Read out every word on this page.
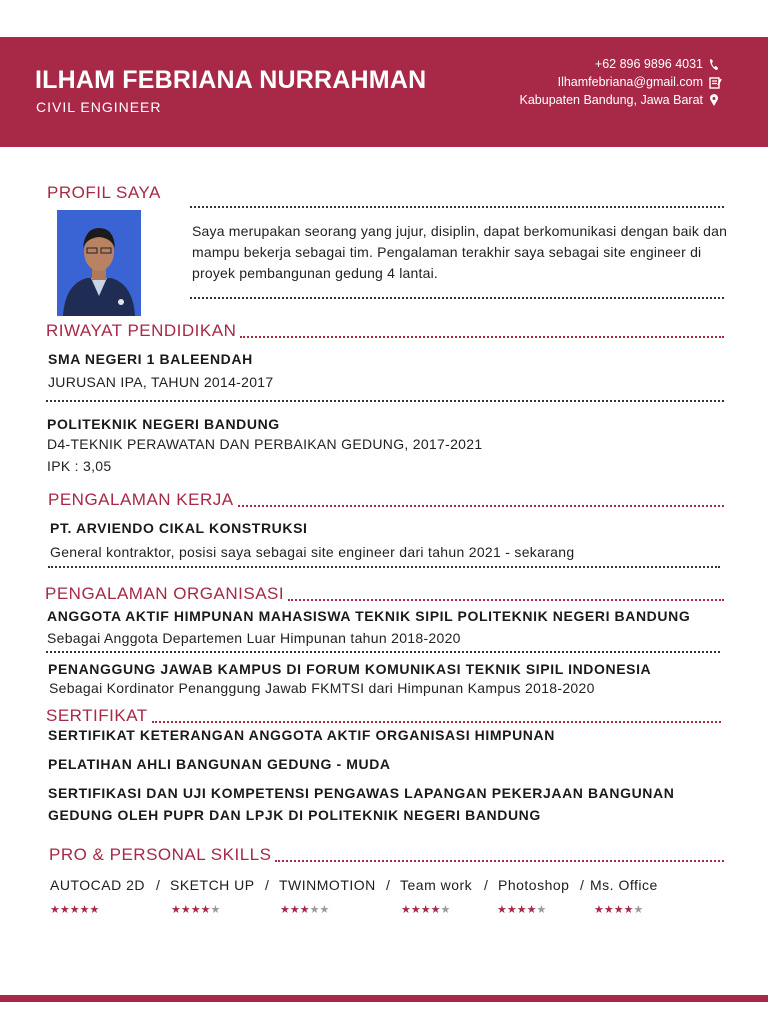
ILHAM FEBRIANA NURRAHMAN
CIVIL ENGINEER
+62 896 9896 4031
Ilhamfebriana@gmail.com
Kabupaten Bandung, Jawa Barat
PROFIL SAYA
Saya merupakan seorang yang jujur, disiplin, dapat berkomunikasi dengan baik dan mampu bekerja sebagai tim. Pengalaman terakhir saya sebagai site engineer di proyek pembangunan gedung 4 lantai.
RIWAYAT PENDIDIKAN
SMA NEGERI 1 BALEENDAH
JURUSAN IPA, TAHUN 2014-2017
POLITEKNIK NEGERI BANDUNG
D4-TEKNIK PERAWATAN DAN PERBAIKAN GEDUNG, 2017-2021
IPK : 3,05
PENGALAMAN KERJA
PT. ARVIENDO CIKAL KONSTRUKSI
General kontraktor, posisi saya sebagai site engineer dari tahun 2021 - sekarang
PENGALAMAN ORGANISASI
ANGGOTA AKTIF HIMPUNAN MAHASISWA TEKNIK SIPIL POLITEKNIK NEGERI BANDUNG
Sebagai Anggota Departemen Luar Himpunan tahun 2018-2020
PENANGGUNG JAWAB KAMPUS DI FORUM KOMUNIKASI TEKNIK SIPIL INDONESIA
Sebagai Kordinator Penanggung Jawab FKMTSI dari Himpunan Kampus 2018-2020
SERTIFIKAT
SERTIFIKAT KETERANGAN ANGGOTA AKTIF ORGANISASI HIMPUNAN
PELATIHAN AHLI BANGUNAN GEDUNG - MUDA
SERTIFIKASI DAN UJI KOMPETENSI PENGAWAS LAPANGAN PEKERJAAN BANGUNAN
GEDUNG OLEH PUPR DAN LPJK DI POLITEKNIK NEGERI BANDUNG
PRO & PERSONAL SKILLS
AUTOCAD 2D / SKETCH UP / TWINMOTION / Team work / Photoshop / Ms. Office
★★★★★	★★★★★	★★★★★	★★★★★	★★★★★	★★★★★
